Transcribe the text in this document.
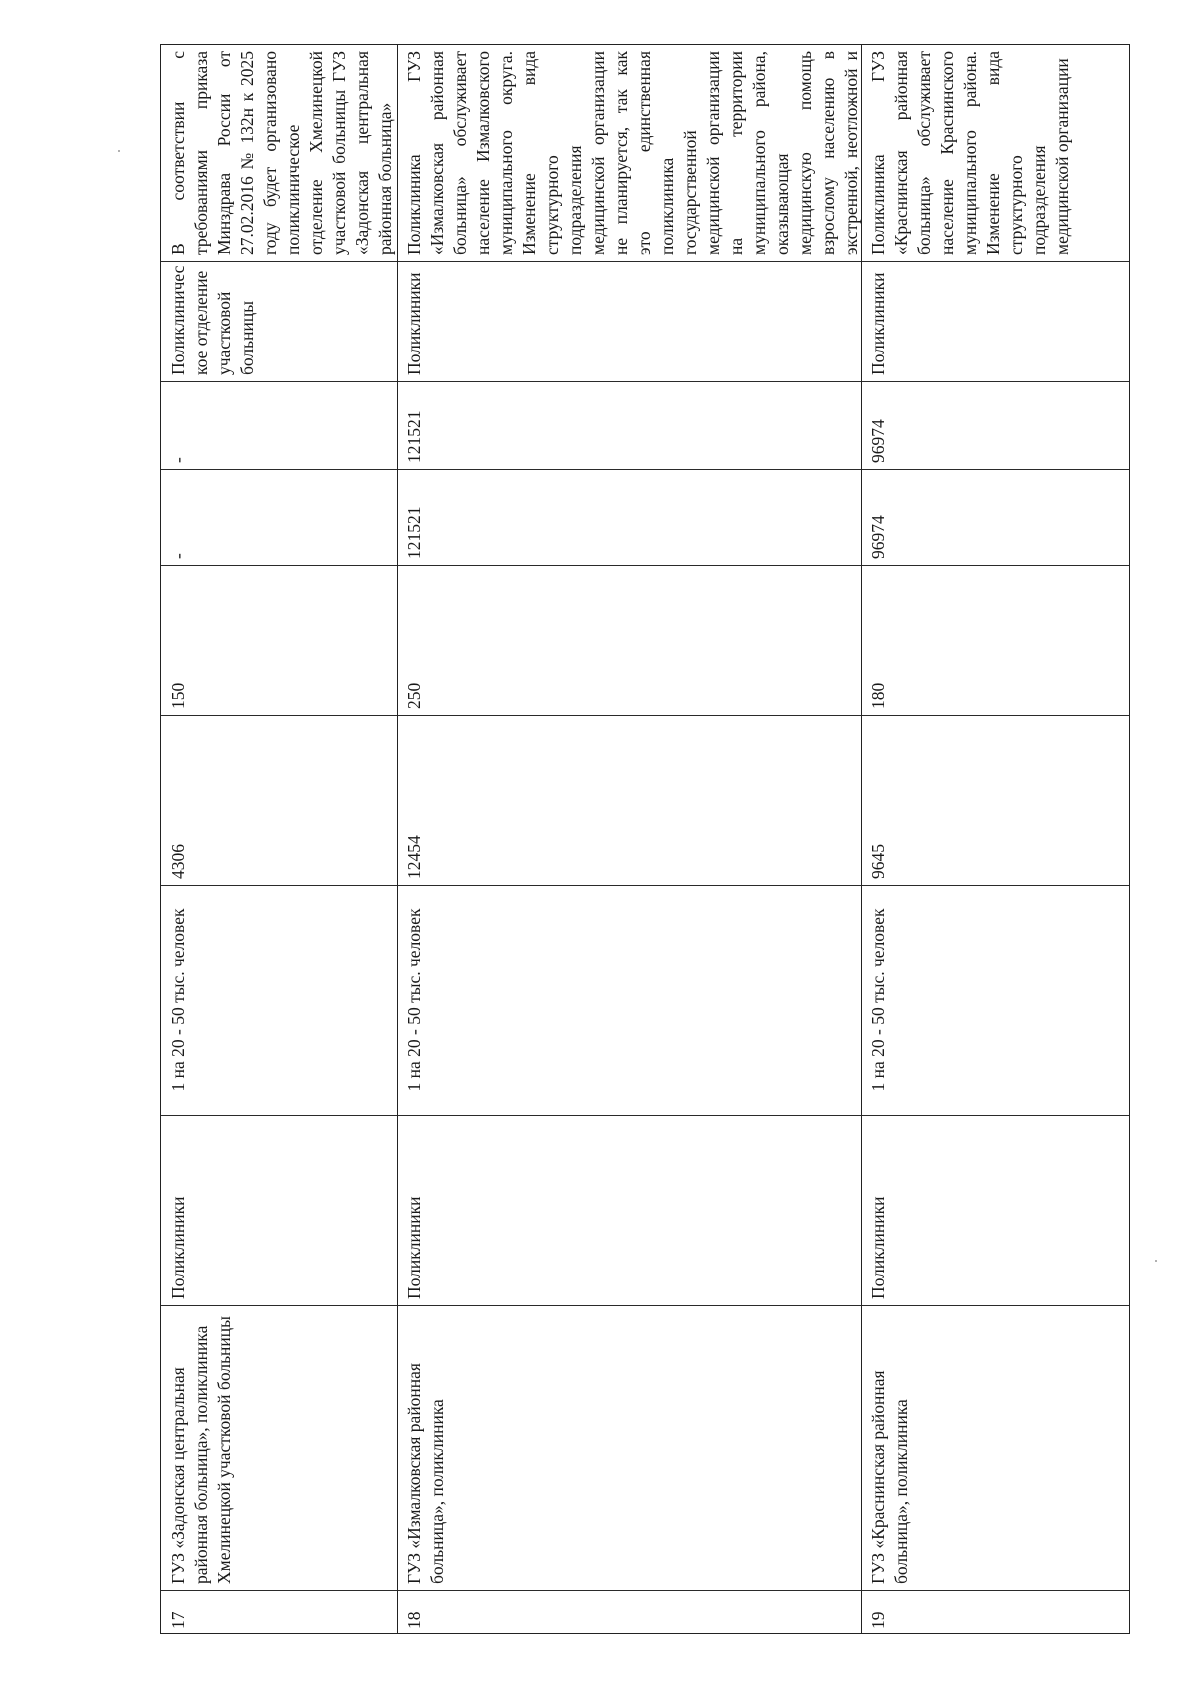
17
ГУЗ «Задонская центральная районная больница», поликлиника Хмелинецкой участковой больницы
Поликлиники
1 на 20 - 50 тыс. человек
4306
150
-
-
Поликлиничес кое отделение участковой больницы
В соответствии с требованиями приказа Минздрава России от 27.02.2016 № 132н к 2025 году будет организовано поликлиническое отделение Хмелинецкой участковой больницы ГУЗ «Задонская центральная районная больница»
18
ГУЗ «Измалковская районная больница», поликлиника
Поликлиники
1 на 20 - 50 тыс. человек
12454
250
121521
121521
Поликлиники
Поликлиника ГУЗ «Измалковская районная больница» обслуживает население Измалковского муниципального округа. Изменение вида структурного подразделения медицинской организации не планируется, так как это единственная поликлиника государственной медицинской организации на территории муниципального района, оказывающая медицинскую помощь взрослому населению в экстренной, неотложной и
19
ГУЗ «Краснинская районная больница», поликлиника
Поликлиники
1 на 20 - 50 тыс. человек
9645
180
96974
96974
Поликлиники
Поликлиника ГУЗ «Краснинская районная больница» обслуживает население Краснинского муниципального района. Изменение вида структурного подразделения медицинской организации
